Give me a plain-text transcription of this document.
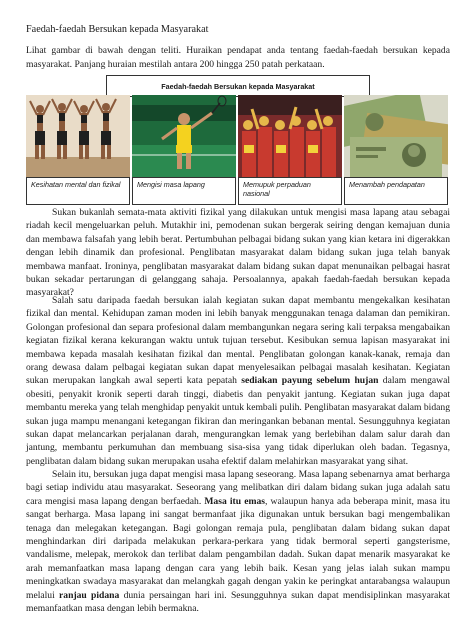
Faedah-faedah Bersukan kepada Masyarakat
Lihat gambar di bawah dengan teliti. Huraikan pendapat anda tentang faedah-faedah bersukan kepada masyarakat. Panjang huraian mestilah antara 200 hingga 250 patah perkataan.
Faedah-faedah Bersukan kepada Masyarakat
Kesihatan mental dan fizikal	Mengisi masa lapang	Memupuk perpaduan nasional
Menambah pendapatan
Sukan bukanlah semata-mata aktiviti fizikal yang dilakukan untuk mengisi masa lapang atau sebagai riadah kecil mengeluarkan peluh. Mutakhir ini, pemodenan sukan bergerak seiring dengan kemajuan dunia dan membawa falsafah yang lebih berat. Pertumbuhan pelbagai bidang sukan yang kian ketara ini digerakkan dengan lebih dinamik dan profesional. Penglibatan masyarakat dalam bidang sukan juga telah banyak membawa manfaat. Ironinya, penglibatan masyarakat dalam bidang sukan dapat menunaikan pelbagai hasrat bukan sekadar pertarungan di gelanggang sahaja. Persoalannya, apakah faedah-faedah bersukan kepada masyarakat?
Salah satu daripada faedah bersukan ialah kegiatan sukan dapat membantu mengekalkan kesihatan fizikal dan mental. Kehidupan zaman moden ini lebih banyak menggunakan tenaga dalaman dan pemikiran. Golongan profesional dan separa profesional dalam membangunkan negara sering kali terpaksa mengabaikan kegiatan fizikal kerana kekurangan waktu untuk tujuan tersebut. Kesibukan semua lapisan masyarakat ini membawa kepada masalah kesihatan fizikal dan mental. Penglibatan golongan kanak-kanak, remaja dan orang dewasa dalam pelbagai kegiatan sukan dapat menyelesaikan pelbagai masalah kesihatan. Kegiatan sukan merupakan langkah awal seperti kata pepatah sediakan payung sebelum hujan dalam mengawal obesiti, penyakit kronik seperti darah tinggi, diabetis dan penyakit jantung. Kegiatan sukan juga dapat membantu mereka yang telah menghidap penyakit untuk kembali pulih. Penglibatan masyarakat dalam bidang sukan juga mampu menangani ketegangan fikiran dan meringankan bebanan mental. Sesungguhnya kegiatan sukan dapat melancarkan perjalanan darah, mengurangkan lemak yang berlebihan dalam salur darah dan jantung, membantu perkumuhan dan membuang sisa-sisa yang tidak diperlukan oleh badan. Tegasnya, penglibatan dalam bidang sukan merupakan usaha efektif dalam melahirkan masyarakat yang sihat.
Selain itu, bersukan juga dapat mengisi masa lapang seseorang. Masa lapang sebenarnya amat berharga bagi setiap individu atau masyarakat. Seseorang yang melibatkan diri dalam bidang sukan juga adalah satu cara mengisi masa lapang dengan berfaedah. Masa itu emas, walaupun hanya ada beberapa minit, masa itu sangat berharga. Masa lapang ini sangat bermanfaat jika digunakan untuk bersukan bagi mengembalikan tenaga dan melegakan ketegangan. Bagi golongan remaja pula, penglibatan dalam bidang sukan dapat menghindarkan diri daripada melakukan perkara-perkara yang tidak bermoral seperti gangsterisme, vandalisme, melepak, merokok dan terlibat dalam pengambilan dadah. Sukan dapat menarik masyarakat ke arah memanfaatkan masa lapang dengan cara yang lebih baik. Kesan yang jelas ialah sukan mampu meningkatkan swadaya masyarakat dan melangkah gagah dengan yakin ke peringkat antarabangsa walaupun melalui ranjau pidana dunia persaingan hari ini. Sesungguhnya sukan dapat mendisiplinkan masyarakat memanfaatkan masa dengan lebih bermakna.
